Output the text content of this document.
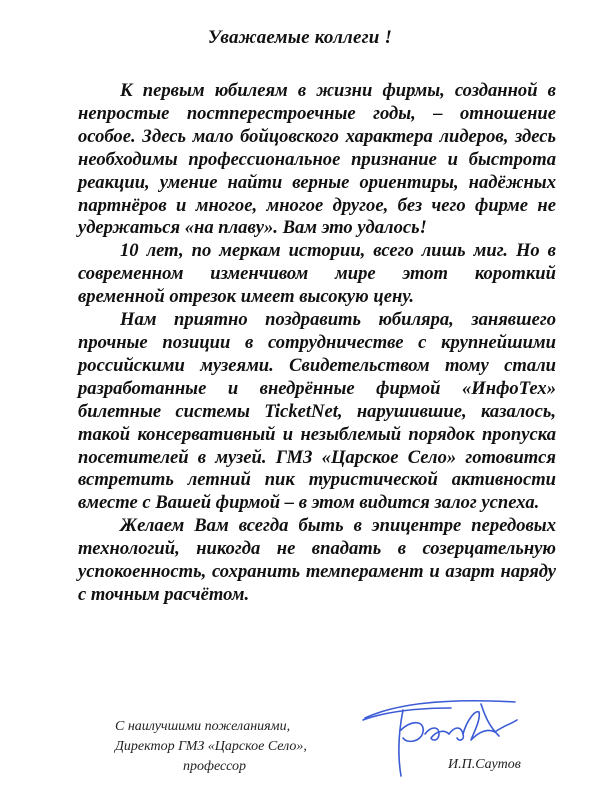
Уважаемые коллеги !

К первым юбилеям в жизни фирмы, созданной в непростые постперестроечные годы, – отношение особое. Здесь мало бойцовского характера лидеров, здесь необходимы профессиональное признание и быстрота реакции, умение найти верные ориентиры, надёжных партнёров и многое, многое другое, без чего фирме не удержаться «на плаву». Вам это удалось!

10 лет, по меркам истории, всего лишь миг. Но в современном изменчивом мире этот короткий временной отрезок имеет высокую цену.

Нам приятно поздравить юбиляра, занявшего прочные позиции в сотрудничестве с крупнейшими российскими музеями. Свидетельством тому стали разработанные и внедрённые фирмой «ИнфоТех» билетные системы TicketNet, нарушившие, казалось, такой консервативный и незыблемый порядок пропуска посетителей в музей. ГМЗ «Царское Село» готовится встретить летний пик туристической активности вместе с Вашей фирмой – в этом видится залог успеха.

Желаем Вам всегда быть в эпицентре передовых технологий, никогда не впадать в созерцательную успокоенность, сохранить темперамент и азарт наряду с точным расчётом.

С наилучшими пожеланиями,
Директор ГМЗ «Царское Село»,
профессор	И.П.Саутов
